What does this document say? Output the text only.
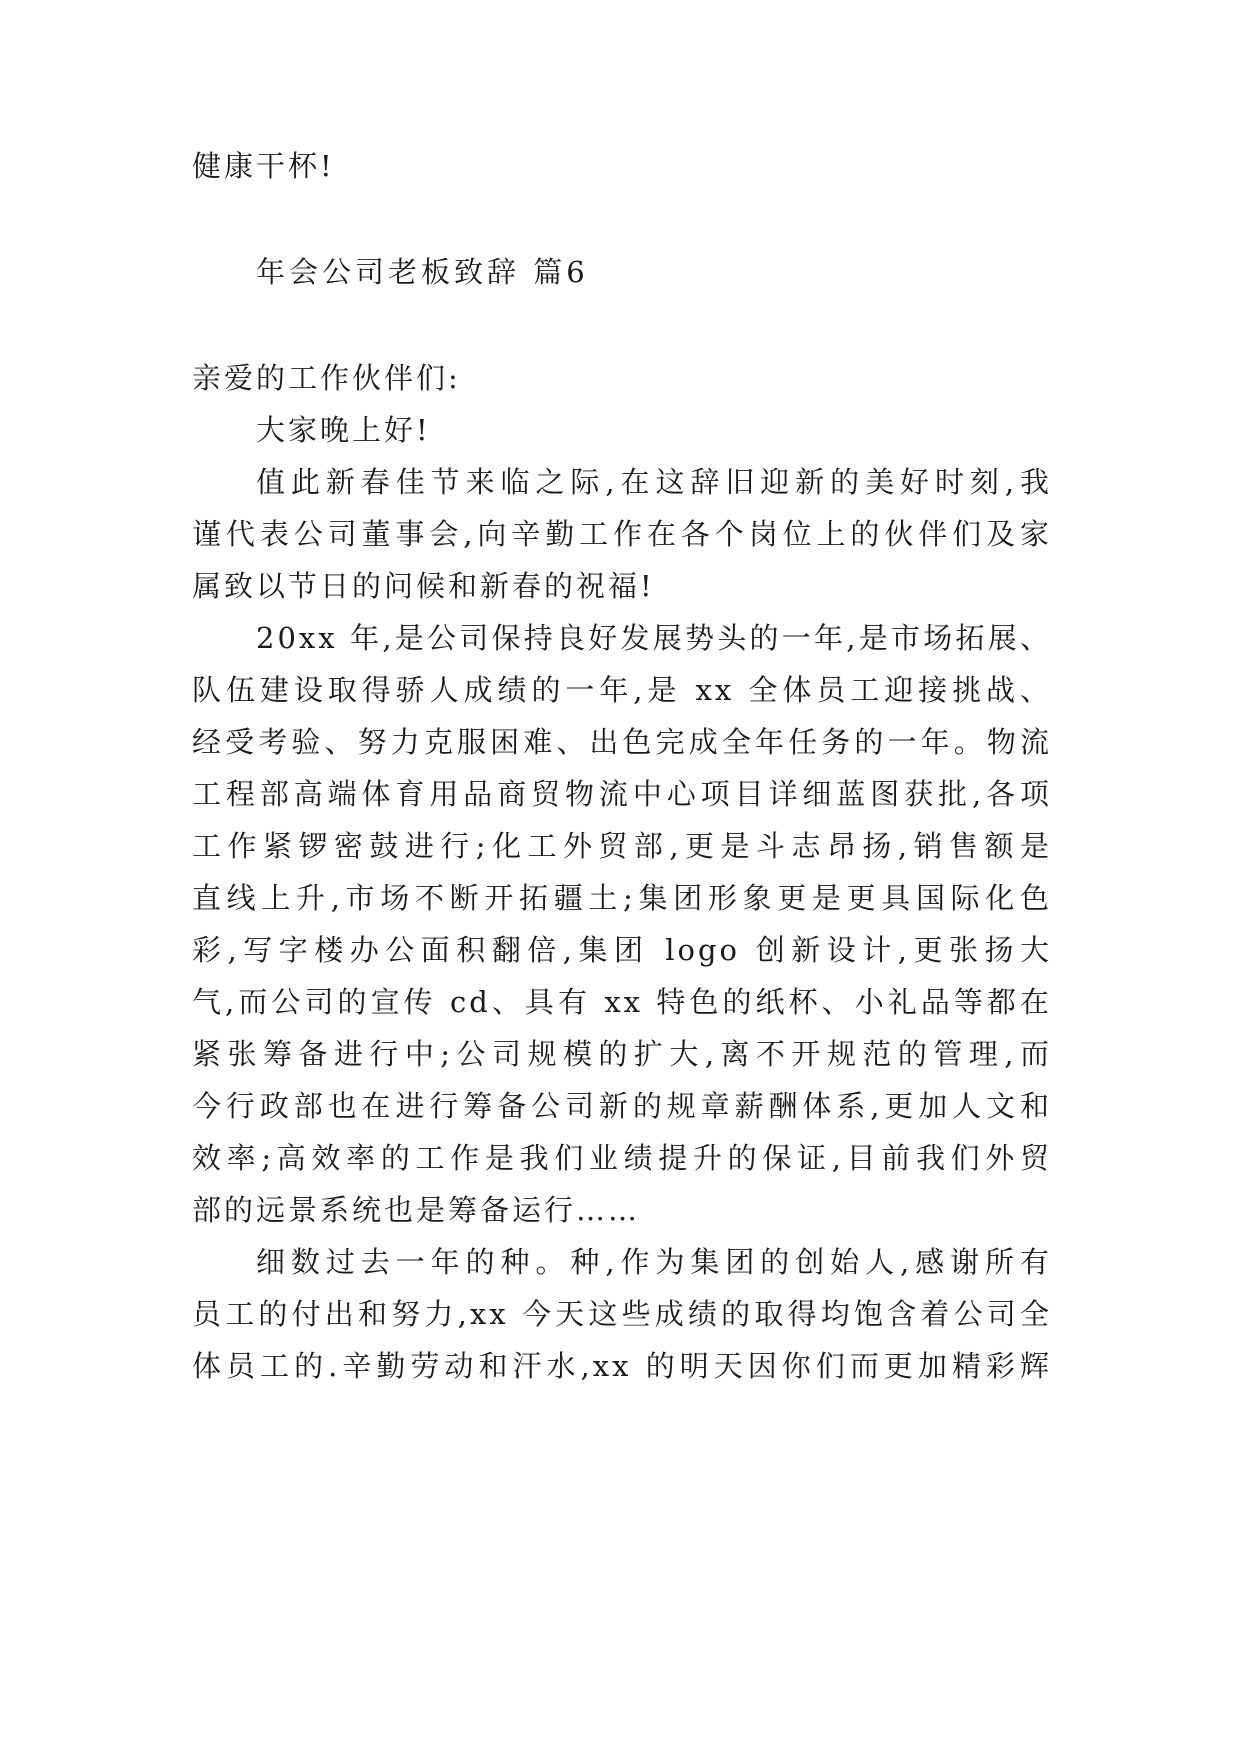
健康干杯!
年会公司老板致辞 篇6
亲爱的工作伙伴们:
大家晚上好!
值此新春佳节来临之际,在这辞旧迎新的美好时刻,我
谨代表公司董事会,向辛勤工作在各个岗位上的伙伴们及家
属致以节日的问候和新春的祝福!
20xx 年,是公司保持良好发展势头的一年,是市场拓展、
队伍建设取得骄人成绩的一年,是 xx 全体员工迎接挑战、
经受考验、努力克服困难、出色完成全年任务的一年。物流
工程部高端体育用品商贸物流中心项目详细蓝图获批,各项
工作紧锣密鼓进行;化工外贸部,更是斗志昂扬,销售额是
直线上升,市场不断开拓疆土;集团形象更是更具国际化色
彩,写字楼办公面积翻倍,集团 logo 创新设计,更张扬大
气,而公司的宣传 cd、具有 xx 特色的纸杯、小礼品等都在
紧张筹备进行中;公司规模的扩大,离不开规范的管理,而
今行政部也在进行筹备公司新的规章薪酬体系,更加人文和
效率;高效率的工作是我们业绩提升的保证,目前我们外贸
部的远景系统也是筹备运行……
细数过去一年的种。种,作为集团的创始人,感谢所有
员工的付出和努力,xx 今天这些成绩的取得均饱含着公司全
体员工的.辛勤劳动和汗水,xx 的明天因你们而更加精彩辉
